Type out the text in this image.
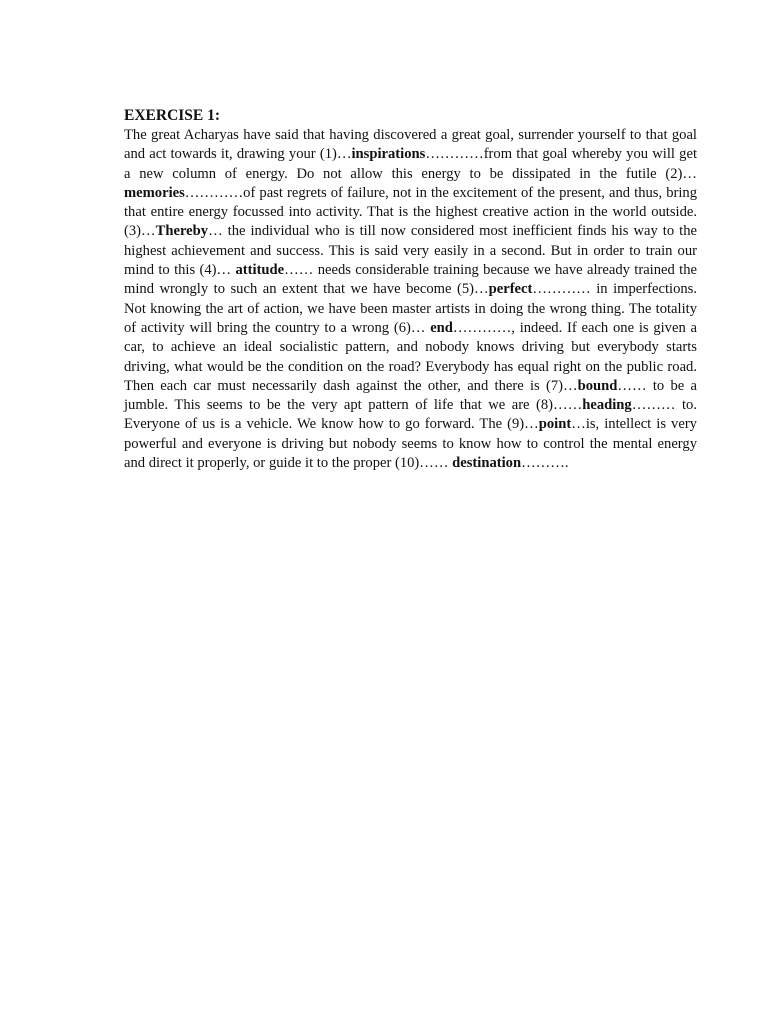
EXERCISE 1:

The great Acharyas have said that having discovered a great goal, surrender yourself to that goal and act towards it, drawing your (1)…inspirations…………from that goal whereby you will get a new column of energy. Do not allow this energy to be dissipated in the futile (2)…memories…………of past regrets of failure, not in the excitement of the present, and thus, bring that entire energy focussed into activity. That is the highest creative action in the world outside. (3)…Thereby… the individual who is till now considered most inefficient finds his way to the highest achievement and success. This is said very easily in a second. But in order to train our mind to this (4)… attitude…… needs considerable training because we have already trained the mind wrongly to such an extent that we have become (5)…perfect………… in imperfections. Not knowing the art of action, we have been master artists in doing the wrong thing. The totality of activity will bring the country to a wrong (6)… end…………, indeed. If each one is given a car, to achieve an ideal socialistic pattern, and nobody knows driving but everybody starts driving, what would be the condition on the road? Everybody has equal right on the public road. Then each car must necessarily dash against the other, and there is (7)…bound…… to be a jumble. This seems to be the very apt pattern of life that we are (8)……heading……… to. Everyone of us is a vehicle. We know how to go forward. The (9)…point…is, intellect is very powerful and everyone is driving but nobody seems to know how to control the mental energy and direct it properly, or guide it to the proper (10)…… destination……….
